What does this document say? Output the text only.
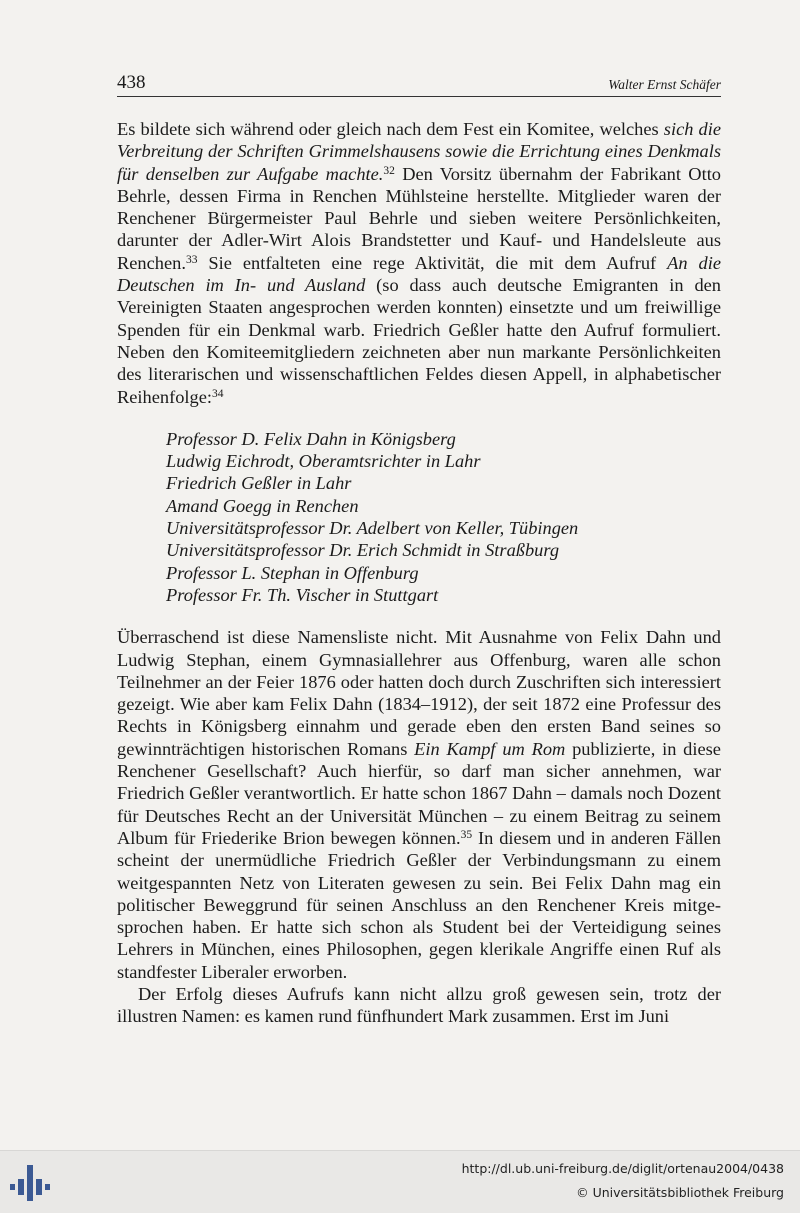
438	Walter Ernst Schäfer

Es bildete sich während oder gleich nach dem Fest ein Komitee, welches sich die Verbreitung der Schriften Grimmelshausens sowie die Errichtung eines Denkmals für denselben zur Aufgabe machte.$^{32}$ Den Vorsitz übernahm der Fabrikant Otto Behrle, dessen Firma in Renchen Mühlsteine herstellte. Mitglieder waren der Renchener Bürgermeister Paul Behrle und sieben weitere Persönlichkeiten, darunter der Adler-Wirt Alois Brandstetter und Kauf- und Handelsleute aus Renchen.$^{33}$ Sie entfalteten eine rege Aktivität, die mit dem Aufruf An die Deutschen im In- und Ausland (so dass auch deutsche Emigranten in den Vereinigten Staaten angesprochen werden konnten) einsetzte und um freiwillige Spenden für ein Denkmal warb. Friedrich Geßler hatte den Aufruf formuliert. Neben den Komiteemitgliedern zeichneten aber nun markante Persönlichkeiten des literarischen und wissenschaftlichen Feldes diesen Appell, in alphabetischer Reihenfolge:$^{34}$

Professor D. Felix Dahn in Königsberg
Ludwig Eichrodt, Oberamtsrichter in Lahr
Friedrich Geßler in Lahr
Amand Goegg in Renchen
Universitätsprofessor Dr. Adelbert von Keller, Tübingen
Universitätsprofessor Dr. Erich Schmidt in Straßburg
Professor L. Stephan in Offenburg
Professor Fr. Th. Vischer in Stuttgart

Überraschend ist diese Namensliste nicht. Mit Ausnahme von Felix Dahn und Ludwig Stephan, einem Gymnasiallehrer aus Offenburg, waren alle schon Teilnehmer an der Feier 1876 oder hatten doch durch Zuschriften sich interessiert gezeigt. Wie aber kam Felix Dahn (1834–1912), der seit 1872 eine Professur des Rechts in Königsberg einnahm und gerade eben den ersten Band seines so gewinnträchtigen historischen Romans Ein Kampf um Rom publizierte, in diese Renchener Gesellschaft? Auch hierfür, so darf man sicher annehmen, war Friedrich Geßler verantwortlich. Er hatte schon 1867 Dahn – damals noch Dozent für Deutsches Recht an der Universität München – zu einem Beitrag zu seinem Album für Friederike Brion bewegen können.$^{35}$ In diesem und in anderen Fällen scheint der unermüdliche Friedrich Geßler der Verbindungsmann zu einem weitgespannten Netz von Literaten gewesen zu sein. Bei Felix Dahn mag ein politischer Beweggrund für seinen Anschluss an den Renchener Kreis mitgesprochen haben. Er hatte sich schon als Student bei der Verteidigung seines Lehrers in München, eines Philosophen, gegen klerikale Angriffe einen Ruf als standfester Liberaler erworben.

Der Erfolg dieses Aufrufs kann nicht allzu groß gewesen sein, trotz der illustren Namen: es kamen rund fünfhundert Mark zusammen. Erst im Juni

http://dl.ub.uni-freiburg.de/diglit/ortenau2004/0438
© Universitätsbibliothek Freiburg
